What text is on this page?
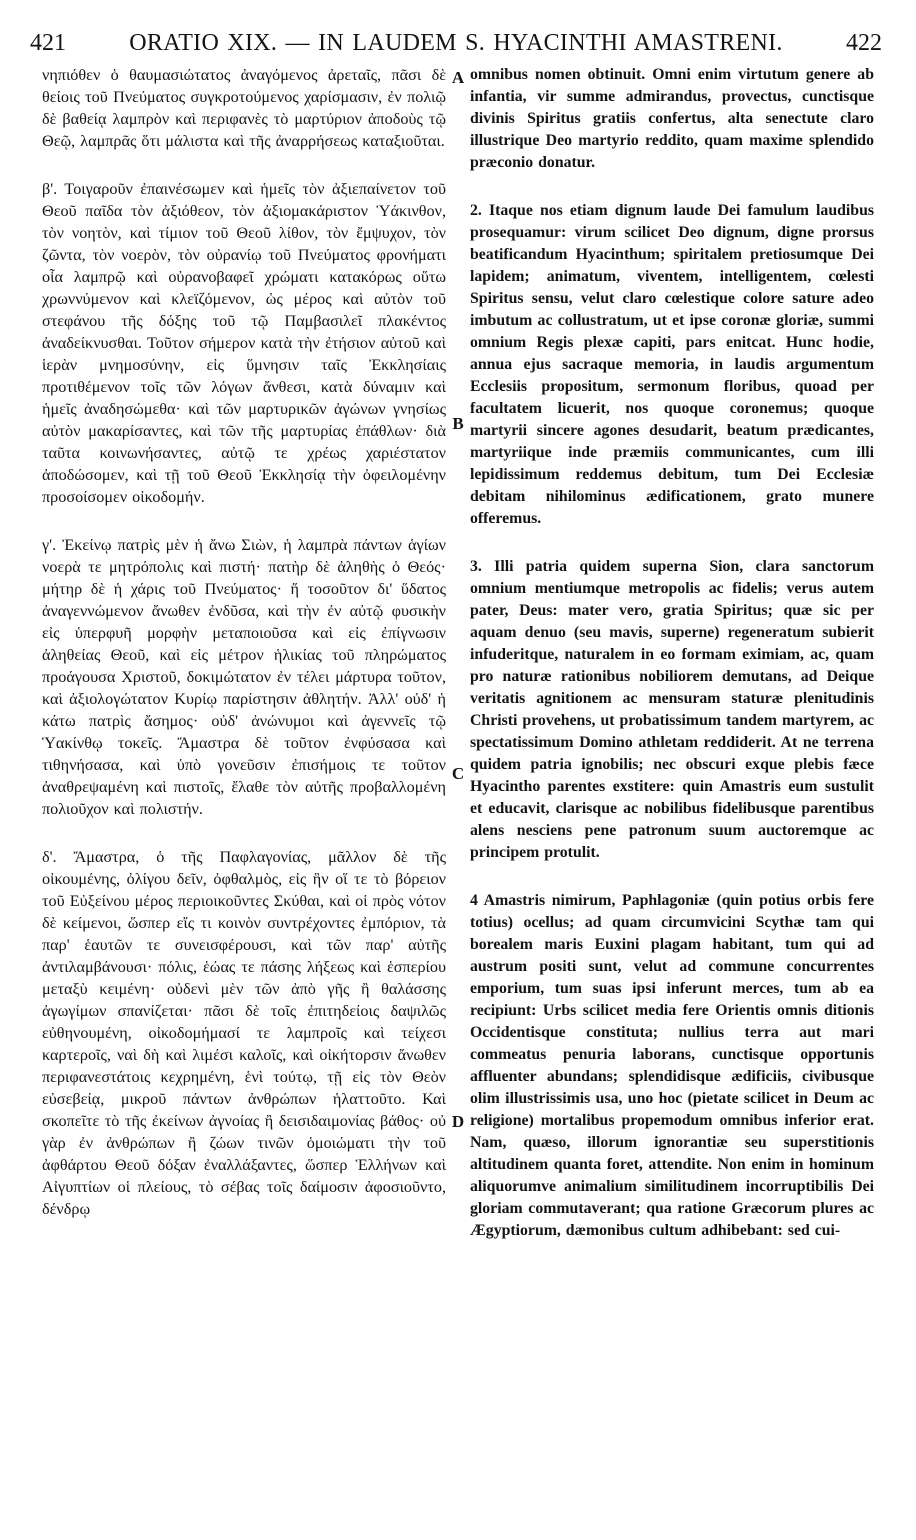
421	ORATIO XIX. — IN LAUDEM S. HYACINTHI AMASTRENI.	422

νηπιόθεν ὁ θαυμασιώτατος ἀναγόμενος ἀρεταῖς, πᾶσι δὲ θείοις τοῦ Πνεύματος συγκροτούμενος χαρίσμασιν, ἐν πολιῷ δὲ βαθείᾳ λαμπρὸν καὶ περιφανὲς τὸ μαρτύριον ἀποδοὺς τῷ Θεῷ, λαμπρᾶς ὅτι μάλιστα καὶ τῆς ἀναρρήσεως καταξιοῦται.

β'. Τοιγαροῦν ἐπαινέσωμεν καὶ ἡμεῖς τὸν ἀξιεπαίνετον τοῦ Θεοῦ παῖδα τὸν ἀξιόθεον, τὸν ἀξιομακάριστον Ὑάκινθον, τὸν νοητὸν, καὶ τίμιον τοῦ Θεοῦ λίθον, τὸν ἔμψυχον, τὸν ζῶντα, τὸν νοερὸν, τὸν οὐρανίῳ τοῦ Πνεύματος φρονήματι οἷα λαμπρῷ καὶ οὐρανοβαφεῖ χρώματι κατακόρως οὕτω χρωννύμενον καὶ κλεϊζόμενον, ὡς μέρος καὶ αὐτὸν τοῦ στεφάνου τῆς δόξης τοῦ τῷ Παμβασιλεῖ πλακέντος ἀναδείκνυσθαι. Τοῦτον σήμερον κατὰ τὴν ἐτήσιον αὐτοῦ καὶ ἱερὰν μνημοσύνην, εἰς ὕμνησιν ταῖς Ἐκκλησίαις προτιθέμενον τοῖς τῶν λόγων ἄνθεσι, κατὰ δύναμιν καὶ ἡμεῖς ἀναδησώμεθα· καὶ τῶν μαρτυρικῶν ἀγώνων γνησίως αὐτὸν μακαρίσαντες, καὶ τῶν τῆς μαρτυρίας ἐπάθλων· διὰ ταῦτα κοινωνήσαντες, αὐτῷ τε χρέως χαριέστατον ἀποδώσομεν, καὶ τῇ τοῦ Θεοῦ Ἐκκλησίᾳ τὴν ὀφειλομένην προσοίσομεν οἰκοδομήν.

γ'. Ἐκείνῳ πατρὶς μὲν ἡ ἄνω Σιὼν, ἡ λαμπρὰ πάντων ἁγίων νοερὰ τε μητρόπολις καὶ πιστή· πατὴρ δὲ ἀληθὴς ὁ Θεός· μήτηρ δὲ ἡ χάρις τοῦ Πνεύματος· ἥ τοσοῦτον δι' ὕδατος ἀναγεννώμενον ἄνωθεν ἐνδῦσα, καὶ τὴν ἐν αὐτῷ φυσικὴν εἰς ὑπερφυῆ μορφὴν μεταποιοῦσα καὶ εἰς ἐπίγνωσιν ἀληθείας Θεοῦ, καὶ εἰς μέτρον ἡλικίας τοῦ πληρώματος προάγουσα Χριστοῦ, δοκιμώτατον ἐν τέλει μάρτυρα τοῦτον, καὶ ἀξιολογώτατον Κυρίῳ παρίστησιν ἀθλητήν. Ἀλλ' οὐδ' ἡ κάτω πατρὶς ἄσημος· οὐδ' ἀνώνυμοι καὶ ἀγεννεῖς τῷ Ὑακίνθῳ τοκεῖς. Ἄμαστρα δὲ τοῦτον ἐνφύσασα καὶ τιθηνήσασα, καὶ ὑπὸ γονεῦσιν ἐπισήμοις τε τοῦτον ἀναθρεψαμένη καὶ πιστοῖς, ἔλαθε τὸν αὐτῆς προβαλλομένη πολιοῦχον καὶ πολιστήν.

δ'. Ἄμαστρα, ὁ τῆς Παφλαγονίας, μᾶλλον δὲ τῆς οἰκουμένης, ὀλίγου δεῖν, ὀφθαλμὸς, εἰς ἣν οἵ τε τὸ βόρειον τοῦ Εὐξείνου μέρος περιοικοῦντες Σκύθαι, καὶ οἱ πρὸς νότον δὲ κείμενοι, ὥσπερ εἴς τι κοινὸν συντρέχοντες ἐμπόριον, τὰ παρ' ἑαυτῶν τε συνεισφέρουσι, καὶ τῶν παρ' αὐτῆς ἀντιλαμβάνουσι· πόλις, ἑώας τε πάσης λήξεως καὶ ἑσπερίου μεταξὺ κειμένη· οὐδενὶ μὲν τῶν ἀπὸ γῆς ἢ θαλάσσης ἀγωγίμων σπανίζεται· πᾶσι δὲ τοῖς ἐπιτηδείοις δαψιλῶς εὐθηνουμένη, οἰκοδομήμασί τε λαμπροῖς καὶ τείχεσι καρτεροῖς, ναὶ δὴ καὶ λιμέσι καλοῖς, καὶ οἰκήτορσιν ἄνωθεν περιφανεστάτοις κεχρημένη, ἑνὶ τούτῳ, τῇ εἰς τὸν Θεὸν εὐσεβείᾳ, μικροῦ πάντων ἀνθρώπων ἡλαττοῦτο. Καὶ σκοπεῖτε τὸ τῆς ἐκείνων ἀγνοίας ἢ δεισιδαιμονίας βάθος· οὐ γὰρ ἐν ἀνθρώπων ἢ ζώων τινῶν ὁμοιώματι τὴν τοῦ ἀφθάρτου Θεοῦ δόξαν ἐναλλάξαντες, ὥσπερ Ἑλλήνων καὶ Αἰγυπτίων οἱ πλείους, τὸ σέβας τοῖς δαίμοσιν ἀφοσιοῦντο, δένδρῳ

omnibus nomen obtinuit. Omni enim virtutum genere ab infantia, vir summe admirandus, provectus, cunctisque divinis Spiritus gratiis confertus, alta senectute claro illustrique Deo martyrio reddito, quam maxime splendido præconio donatur.

2. Itaque nos etiam dignum laude Dei famulum laudibus prosequamur: virum scilicet Deo dignum, digne prorsus beatificandum Hyacinthum; spiritalem pretiosumque Dei lapidem; animatum, viventem, intelligentem, cœlesti Spiritus sensu, velut claro cœlestique colore sature adeo imbutum ac collustratum, ut et ipse coronæ gloriæ, summi omnium Regis plexæ capiti, pars enitcat. Hunc hodie, annua ejus sacraque memoria, in laudis argumentum Ecclesiis propositum, sermonum floribus, quoad per facultatem licuerit, nos quoque coronemus; quoque martyrii sincere agones desudarit, beatum prædicantes, martyriique inde præmiis communicantes, cum illi lepidissimum reddemus debitum, tum Dei Ecclesiæ debitam nihilominus ædificationem, grato munere offeremus.

3. Illi patria quidem superna Sion, clara sanctorum omnium mentiumque metropolis ac fidelis; verus autem pater, Deus: mater vero, gratia Spiritus; quæ sic per aquam denuo (seu mavis, superne) regeneratum subierit infuderitque, naturalem in eo formam eximiam, ac, quam pro naturæ rationibus nobiliorem demutans, ad Deique veritatis agnitionem ac mensuram staturæ plenitudinis Christi provehens, ut probatissimum tandem martyrem, ac spectatissimum Domino athletam reddiderit. At ne terrena quidem patria ignobilis; nec obscuri exque plebis fæce Hyacintho parentes exstitere: quin Amastris eum sustulit et educavit, clarisque ac nobilibus fidelibusque parentibus alens nesciens pene patronum suum auctoremque ac principem protulit.

4 Amastris nimirum, Paphlagoniæ (quin potius orbis fere totius) ocellus; ad quam circumvicini Scythæ tam qui borealem maris Euxini plagam habitant, tum qui ad austrum positi sunt, velut ad commune concurrentes emporium, tum suas ipsi inferunt merces, tum ab ea recipiunt: Urbs scilicet media fere Orientis omnis ditionis Occidentisque constituta; nullius terra aut mari commeatus penuria laborans, cunctisque opportunis affluenter abundans; splendidisque ædificiis, civibusque olim illustrissimis usa, uno hoc (pietate scilicet in Deum ac religione) mortalibus propemodum omnibus inferior erat. Nam, quæso, illorum ignorantiæ seu superstitionis altitudinem quanta foret, attendite. Non enim in hominum aliquorumve animalium similitudinem incorruptibilis Dei gloriam commutaverant; qua ratione Græcorum plures ac Ægyptiorum, dæmonibus cultum adhibebant: sed cui-

A
B
C
D
